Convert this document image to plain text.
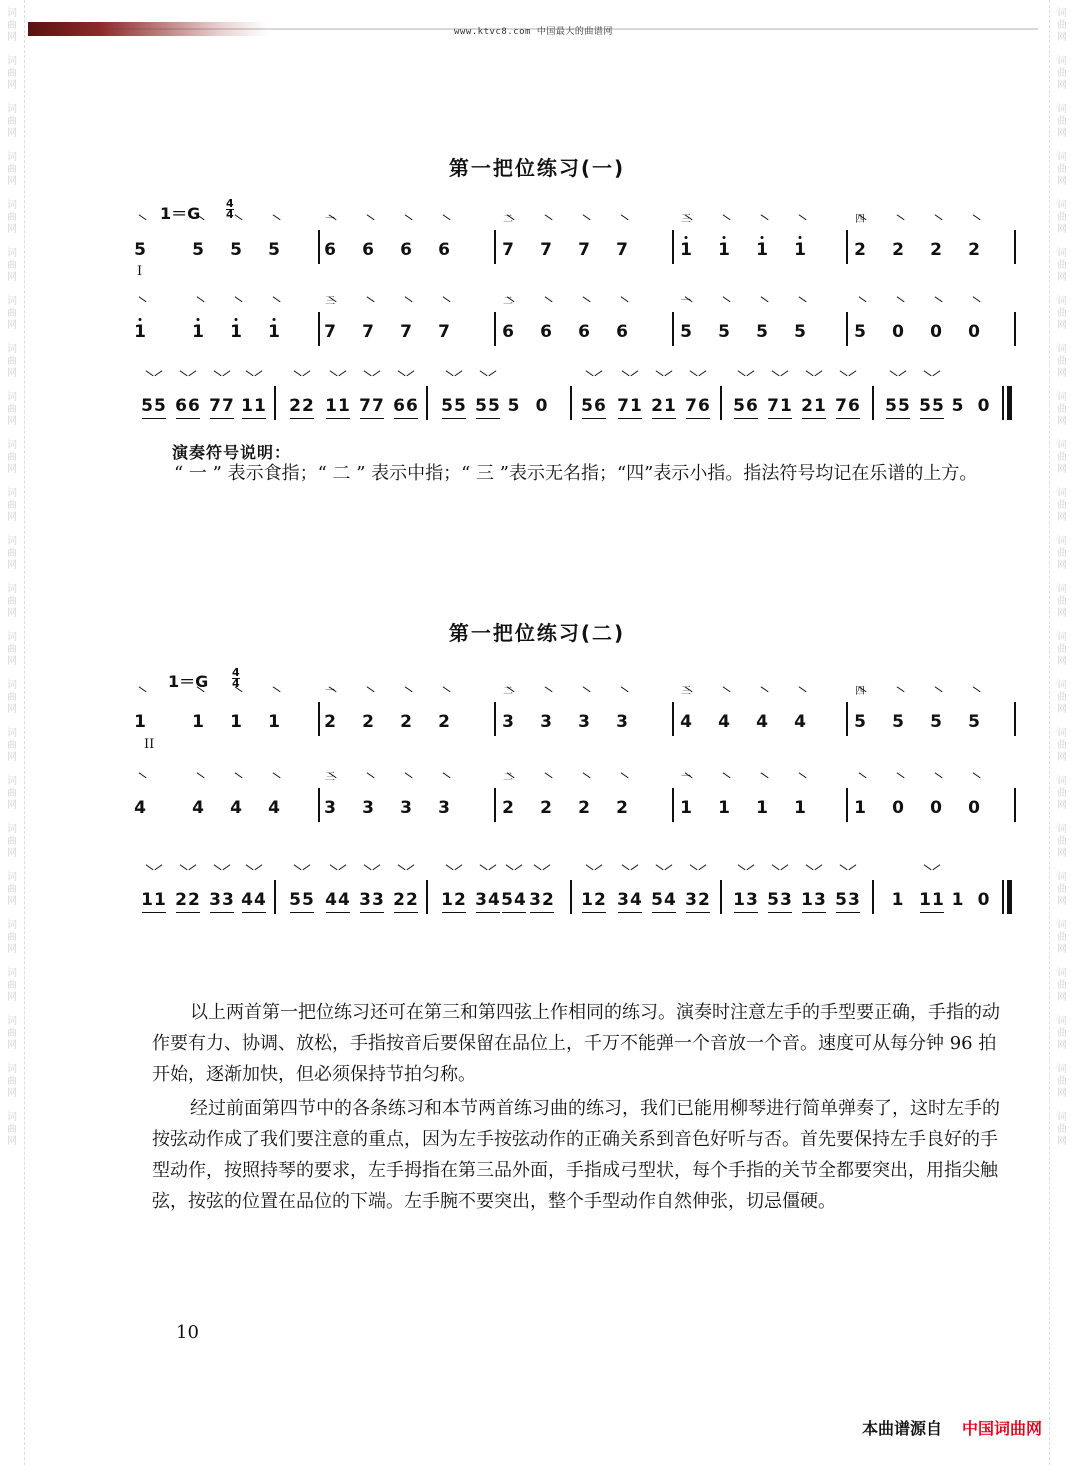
词
曲
网
词
曲
网
词
曲
网
词
曲
网
词
曲
网
词
曲
网
词
曲
网
词
曲
网
词
曲
网
词
曲
网
词
曲
网
词
曲
网
词
曲
网
词
曲
网
词
曲
网
词
曲
网
词
曲
网
词
曲
网
词
曲
网
词
曲
网
词
曲
网
词
曲
网
词
曲
网
词
曲
网
词
曲
网
词
曲
网
词
曲
网
词
曲
网
词
曲
网
词
曲
网
词
曲
网
词
曲
网
词
曲
网
词
曲
网
词
曲
网
词
曲
网
词
曲
网
词
曲
网
词
曲
网
词
曲
网
词
曲
网
词
曲
网
词
曲
网
词
曲
网
词
曲
网
词
曲
网
词
曲
网
词
曲
网
www.ktvc8.com 中国最大的曲谱网
第一把位练习(一)
1＝G
4
4
5	5 5 5	6 6 6 6	7 7 7 7	1 1 1 1	2 2 2 2
一	二	三	四
I
1	1 1 1	7 7 7 7	6 6 6 6	5 5 5 5	5 0 0 0
三	二	一
55 66 77 11 22 11 77 66 55 55 5 0 56 71 21 76 56 71 21 76 55 55 5 0
演奏符号说明：
“ 一 ” 表示食指；“ 二 ” 表示中指；“ 三 ”表示无名指；“四”表示小指。指法符号均记在乐谱的上方。
第一把位练习(二)
1＝G 4
4
1	1 1 1	2 2 2 2	3 3 3 3	4 4 4 4	5 5 5 5
一	二	三	四
II
4	4 4 4	3 3 3 3	2 2 2 2	1 1 1 1	1 0 0 0
三	二	一
11 22 33 44 55 44 33 22 12 34 54 32 12 34 54 32 13 53 13 53 1 11 1 0
以上两首第一把位练习还可在第三和第四弦上作相同的练习。演奏时注意左手的手型要正确，手指的动作要有力、协调、放松，手指按音后要保留在品位上，千万不能弹一个音放一个音。速度可从每分钟 96 拍开始，逐渐加快，但必须保持节拍匀称。
经过前面第四节中的各条练习和本节两首练习曲的练习，我们已能用柳琴进行简单弹奏了，这时左手的按弦动作成了我们要注意的重点，因为左手按弦动作的正确关系到音色好听与否。首先要保持左手良好的手型动作，按照持琴的要求，左手拇指在第三品外面，手指成弓型状，每个手指的关节全都要突出，用指尖触弦，按弦的位置在品位的下端。左手腕不要突出，整个手型动作自然伸张，切忌僵硬。
10
本曲谱源自 中国词曲网
